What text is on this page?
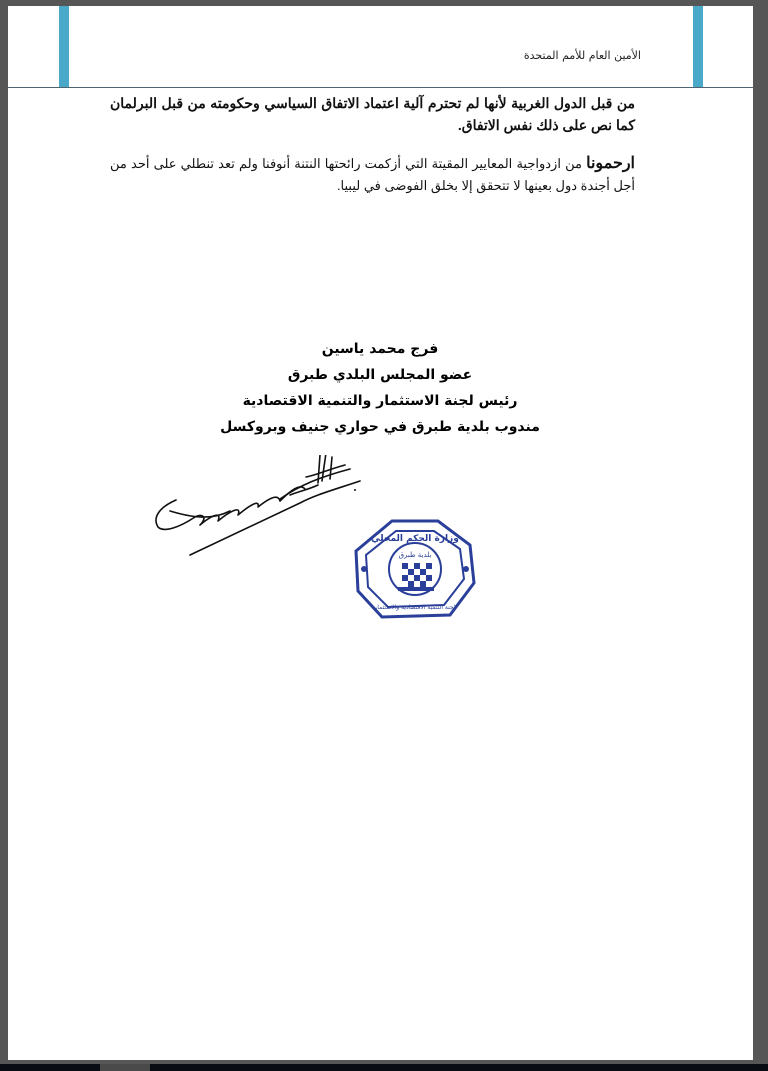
الأمين العام للأمم المتحدة
من قبل الدول الغربية لأنها لم تحترم آلية اعتماد الاتفاق السياسي وحكومته من قبل البرلمان كما نص على ذلك نفس الاتفاق.
ارحمونا من ازدواجية المعايير المقيتة التي أزكمت رائحتها النتنة أنوفنا ولم تعد تنطلي على أحد من أجل أجندة دول بعينها لا تتحقق إلا بخلق الفوضى في ليبيا.
فرج محمد ياسين
عضو المجلس البلدي طبرق
رئيس لجنة الاستثمار والتنمية الاقتصادية
مندوب بلدية طبرق في حواري جنيف وبروكسل
وزارة الحكم المحلي
بلدية طبرق
لجنة التنمية الاقتصادية والاستثمار
